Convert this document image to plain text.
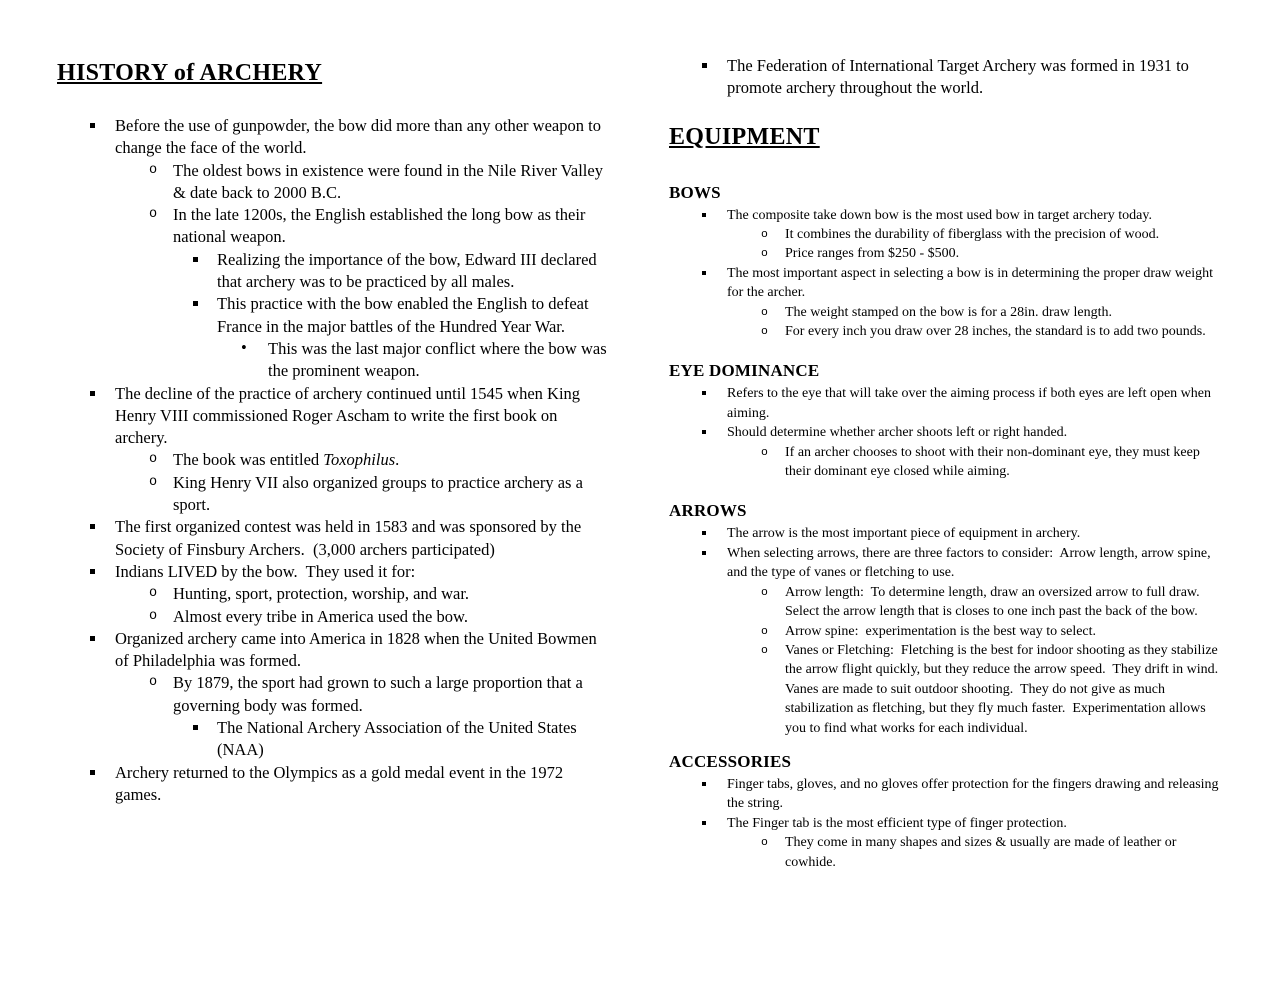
HISTORY of ARCHERY
Before the use of gunpowder, the bow did more than any other weapon to change the face of the world.
o The oldest bows in existence were found in the Nile River Valley & date back to 2000 B.C.
o In the late 1200s, the English established the long bow as their national weapon.
Realizing the importance of the bow, Edward III declared that archery was to be practiced by all males.
This practice with the bow enabled the English to defeat France in the major battles of the Hundred Year War.
• This was the last major conflict where the bow was the prominent weapon.
The decline of the practice of archery continued until 1545 when King Henry VIII commissioned Roger Ascham to write the first book on archery.
o The book was entitled Toxophilus.
o King Henry VII also organized groups to practice archery as a sport.
The first organized contest was held in 1583 and was sponsored by the Society of Finsbury Archers.  (3,000 archers participated)
Indians LIVED by the bow.  They used it for:
o Hunting, sport, protection, worship, and war.
o Almost every tribe in America used the bow.
Organized archery came into America in 1828 when the United Bowmen of Philadelphia was formed.
o By 1879, the sport had grown to such a large proportion that a governing body was formed.
The National Archery Association of the United States (NAA)
Archery returned to the Olympics as a gold medal event in the 1972 games.
The Federation of International Target Archery was formed in 1931 to promote archery throughout the world.
EQUIPMENT
BOWS
The composite take down bow is the most used bow in target archery today.
o It combines the durability of fiberglass with the precision of wood.
o Price ranges from $250 - $500.
The most important aspect in selecting a bow is in determining the proper draw weight for the archer.
o The weight stamped on the bow is for a 28in. draw length.
o For every inch you draw over 28 inches, the standard is to add two pounds.
EYE DOMINANCE
Refers to the eye that will take over the aiming process if both eyes are left open when aiming.
Should determine whether archer shoots left or right handed.
o If an archer chooses to shoot with their non-dominant eye, they must keep their dominant eye closed while aiming.
ARROWS
The arrow is the most important piece of equipment in archery.
When selecting arrows, there are three factors to consider:  Arrow length, arrow spine, and the type of vanes or fletching to use.
o Arrow length:  To determine length, draw an oversized arrow to full draw.  Select the arrow length that is closes to one inch past the back of the bow.
o Arrow spine:  experimentation is the best way to select.
o Vanes or Fletching:  Fletching is the best for indoor shooting as they stabilize the arrow flight quickly, but they reduce the arrow speed.  They drift in wind.  Vanes are made to suit outdoor shooting.  They do not give as much stabilization as fletching, but they fly much faster.  Experimentation allows you to find what works for each individual.
ACCESSORIES
Finger tabs, gloves, and no gloves offer protection for the fingers drawing and releasing the string.
The Finger tab is the most efficient type of finger protection.
o They come in many shapes and sizes & usually are made of leather or cowhide.
